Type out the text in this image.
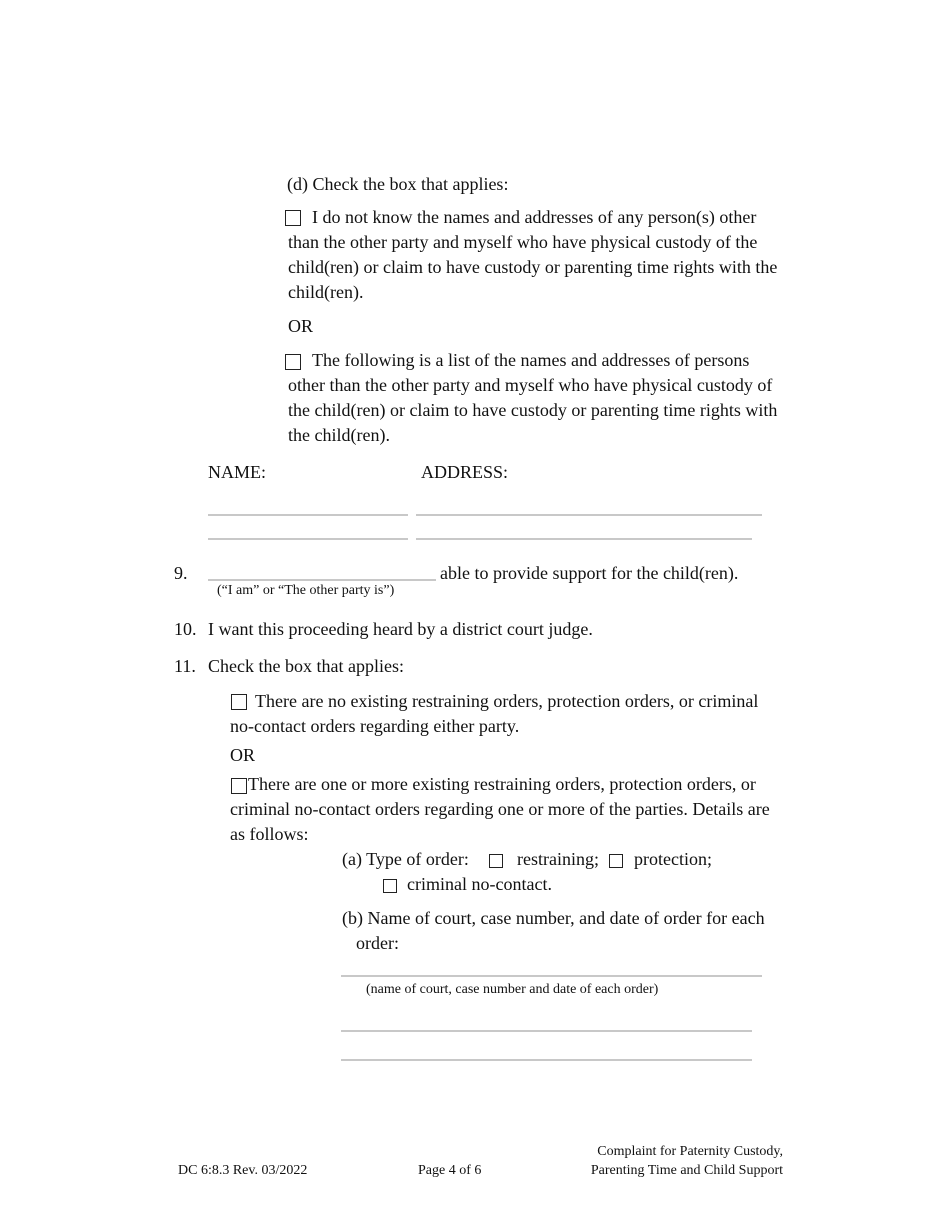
(d) Check the box that applies:
I do not know the names and addresses of any person(s) other than the other party and myself who have physical custody of the child(ren) or claim to have custody or parenting time rights with the child(ren).
OR
The following is a list of the names and addresses of persons other than the other party and myself who have physical custody of the child(ren) or claim to have custody or parenting time rights with the child(ren).
NAME:	ADDRESS:
9.	able to provide support for the child(ren).
(“I am” or “The other party is”)
10. I want this proceeding heard by a district court judge.
11. Check the box that applies:
There are no existing restraining orders, protection orders, or criminal no-contact orders regarding either party.
OR
There are one or more existing restraining orders, protection orders, or criminal no-contact orders regarding one or more of the parties. Details are as follows:
(a) Type of order:	restraining; protection;
criminal no-contact.
(b) Name of court, case number, and date of order for each order:
(name of court, case number and date of each order)
DC 6:8.3 Rev. 03/2022	Page 4 of 6
Complaint for Paternity Custody,
Parenting Time and Child Support
